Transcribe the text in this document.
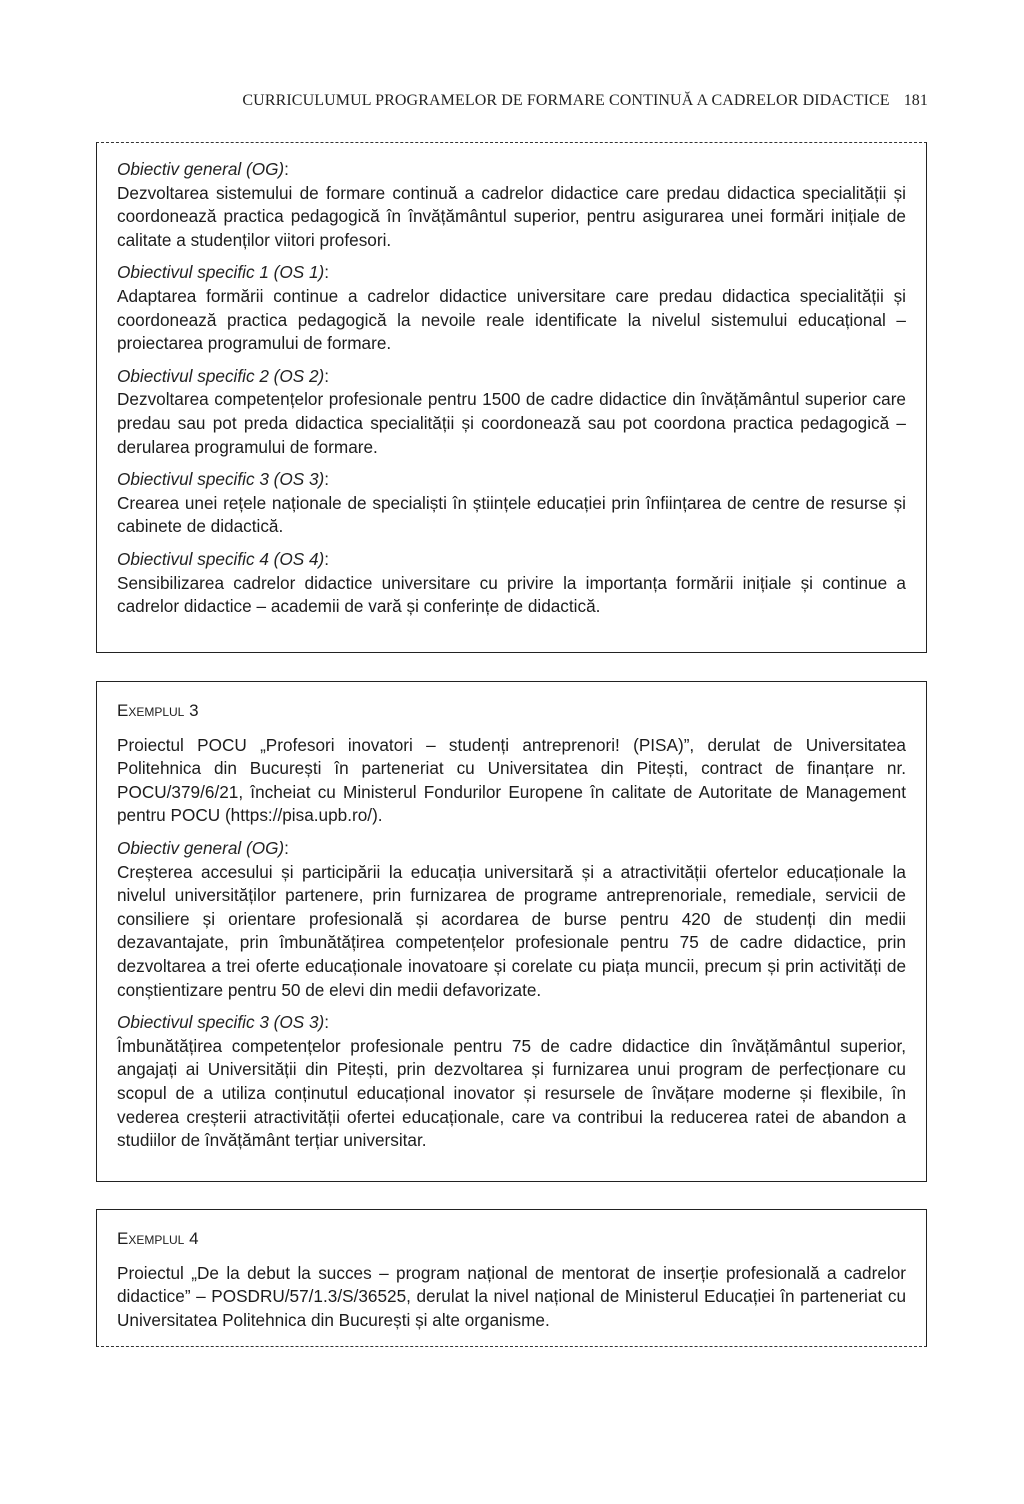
CURRICULUMUL PROGRAMELOR DE FORMARE CONTINUĂ A CADRELOR DIDACTICE 181
Obiectiv general (OG):
Dezvoltarea sistemului de formare continuă a cadrelor didactice care predau didactica specialității și coordonează practica pedagogică în învățământul superior, pentru asigurarea unei formări inițiale de calitate a studenților viitori profesori.
Obiectivul specific 1 (OS 1):
Adaptarea formării continue a cadrelor didactice universitare care predau didactica specialității și coordonează practica pedagogică la nevoile reale identificate la nivelul sistemului educațional – proiectarea programului de formare.
Obiectivul specific 2 (OS 2):
Dezvoltarea competențelor profesionale pentru 1500 de cadre didactice din învățământul superior care predau sau pot preda didactica specialității și coordonează sau pot coordona practica pedagogică – derularea programului de formare.
Obiectivul specific 3 (OS 3):
Crearea unei rețele naționale de specialiști în științele educației prin înființarea de centre de resurse și cabinete de didactică.
Obiectivul specific 4 (OS 4):
Sensibilizarea cadrelor didactice universitare cu privire la importanța formării inițiale și continue a cadrelor didactice – academii de vară și conferințe de didactică.
Exemplul 3
Proiectul POCU „Profesori inovatori – studenți antreprenori! (PISA)”, derulat de Universitatea Politehnica din București în parteneriat cu Universitatea din Pitești, contract de finanțare nr. POCU/379/6/21, încheiat cu Ministerul Fondurilor Europene în calitate de Autoritate de Management pentru POCU (https://pisa.upb.ro/).
Obiectiv general (OG):
Creșterea accesului și participării la educația universitară și a atractivității ofertelor educaționale la nivelul universităților partenere, prin furnizarea de programe antreprenoriale, remediale, servicii de consiliere și orientare profesională și acordarea de burse pentru 420 de studenți din medii dezavantajate, prin îmbunătățirea competențelor profesionale pentru 75 de cadre didactice, prin dezvoltarea a trei oferte educaționale inovatoare și corelate cu piața muncii, precum și prin activități de conștientizare pentru 50 de elevi din medii defavorizate.
Obiectivul specific 3 (OS 3):
Îmbunătățirea competențelor profesionale pentru 75 de cadre didactice din învățământul superior, angajați ai Universității din Pitești, prin dezvoltarea și furnizarea unui program de perfecționare cu scopul de a utiliza conținutul educațional inovator și resursele de învățare moderne și flexibile, în vederea creșterii atractivității ofertei educaționale, care va contribui la reducerea ratei de abandon a studiilor de învățământ terțiar universitar.
Exemplul 4
Proiectul „De la debut la succes – program național de mentorat de inserție profesională a cadrelor didactice” – POSDRU/57/1.3/S/36525, derulat la nivel național de Ministerul Educației în parteneriat cu Universitatea Politehnica din București și alte organisme.
